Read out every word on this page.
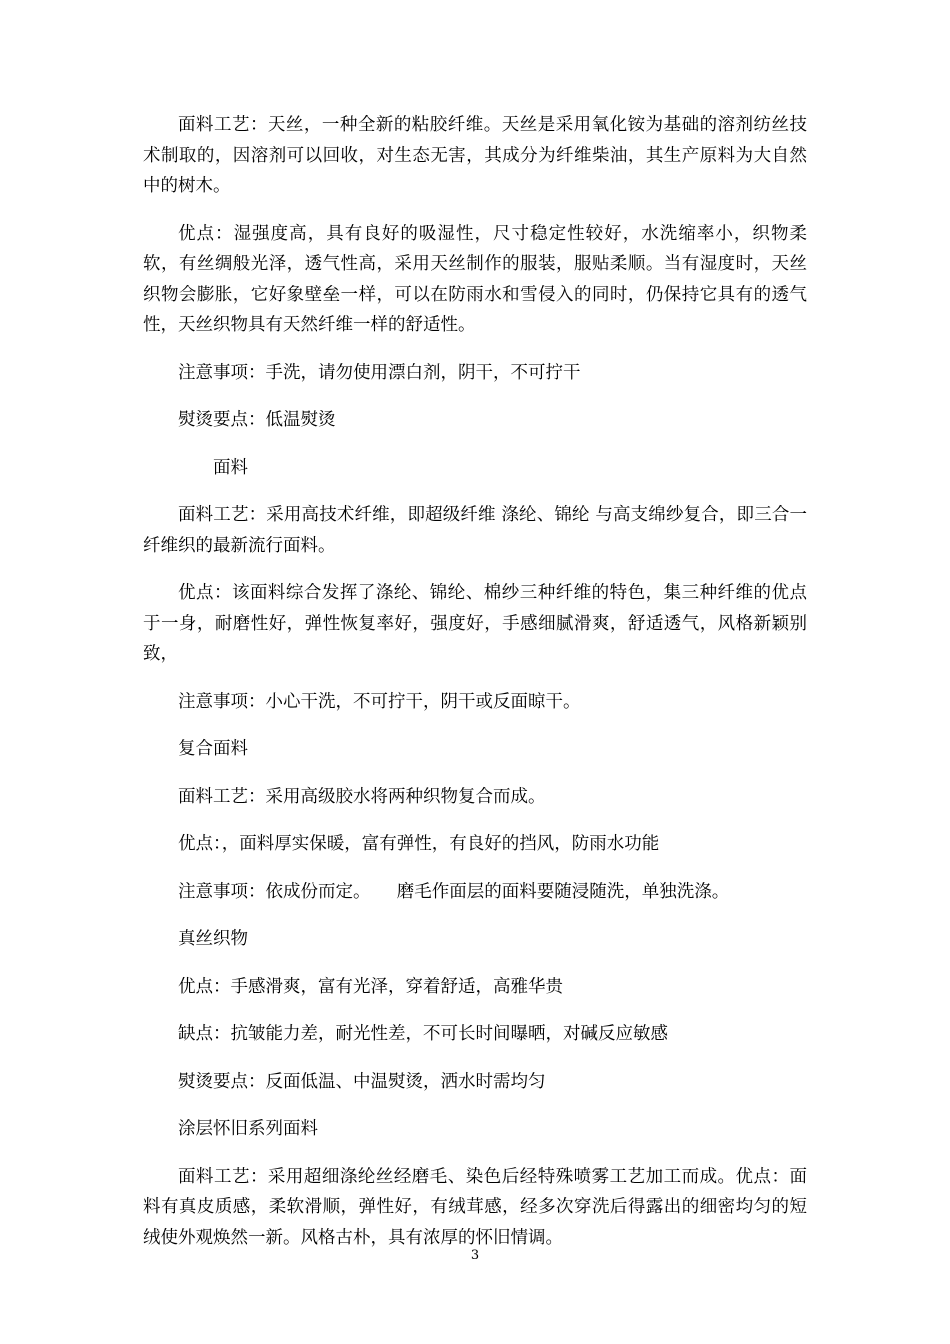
面料工艺：天丝，一种全新的粘胶纤维。天丝是采用氧化铵为基础的溶剂纺丝技术制取的，因溶剂可以回收，对生态无害，其成分为纤维柴油，其生产原料为大自然中的树木。

优点：湿强度高，具有良好的吸湿性，尺寸稳定性较好，水洗缩率小，织物柔软，有丝绸般光泽，透气性高，采用天丝制作的服装，服贴柔顺。当有湿度时，天丝织物会膨胀，它好象壁垒一样，可以在防雨水和雪侵入的同时，仍保持它具有的透气性，天丝织物具有天然纤维一样的舒适性。

注意事项：手洗，请勿使用漂白剂，阴干，不可拧干

熨烫要点：低温熨烫

面料

面料工艺：采用高技术纤维，即超级纤维 涤纶、锦纶 与高支绵纱复合，即三合一纤维织的最新流行面料。

优点：该面料综合发挥了涤纶、锦纶、棉纱三种纤维的特色，集三种纤维的优点于一身，耐磨性好，弹性恢复率好，强度好，手感细腻滑爽，舒适透气，风格新颖别致，

注意事项：小心干洗，不可拧干，阴干或反面晾干。

复合面料

面料工艺：采用高级胶水将两种织物复合而成。

优点：，面料厚实保暖，富有弹性，有良好的挡风，防雨水功能

注意事项：依成份而定。　　磨毛作面层的面料要随浸随洗，单独洗涤。

真丝织物

优点：手感滑爽，富有光泽，穿着舒适，高雅华贵

缺点：抗皱能力差，耐光性差，不可长时间曝晒，对碱反应敏感

熨烫要点：反面低温、中温熨烫，洒水时需均匀

涂层怀旧系列面料

面料工艺：采用超细涤纶丝经磨毛、染色后经特殊喷雾工艺加工而成。优点：面料有真皮质感，柔软滑顺，弹性好，有绒茸感，经多次穿洗后得露出的细密均匀的短绒使外观焕然一新。风格古朴，具有浓厚的怀旧情调。

3
